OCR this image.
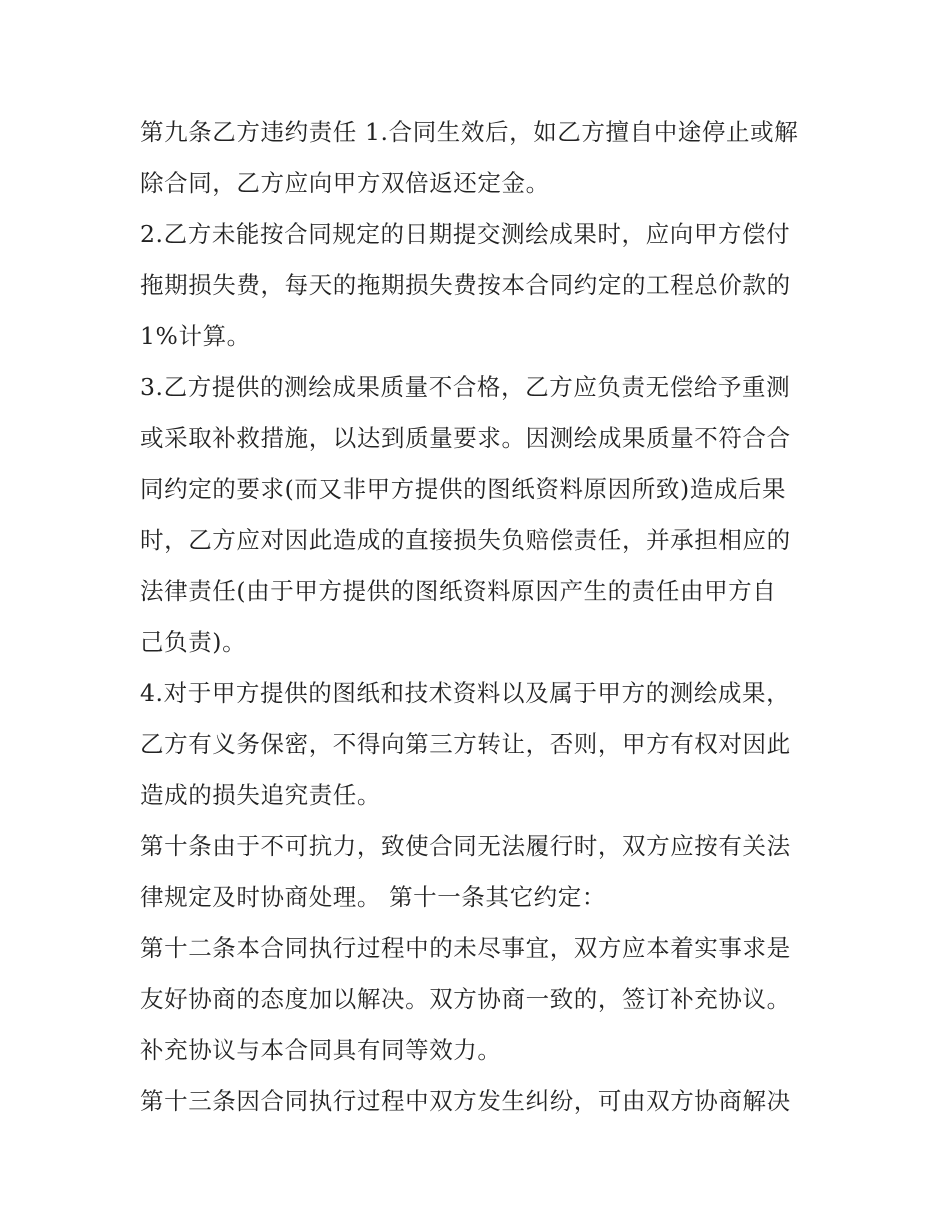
第九条乙方违约责任 1.合同生效后，如乙方擅自中途停止或解
除合同，乙方应向甲方双倍返还定金。
2.乙方未能按合同规定的日期提交测绘成果时，应向甲方偿付
拖期损失费，每天的拖期损失费按本合同约定的工程总价款的
1%计算。
3.乙方提供的测绘成果质量不合格，乙方应负责无偿给予重测
或采取补救措施，以达到质量要求。因测绘成果质量不符合合
同约定的要求(而又非甲方提供的图纸资料原因所致)造成后果
时，乙方应对因此造成的直接损失负赔偿责任，并承担相应的
法律责任(由于甲方提供的图纸资料原因产生的责任由甲方自
己负责)。
4.对于甲方提供的图纸和技术资料以及属于甲方的测绘成果，
乙方有义务保密，不得向第三方转让，否则，甲方有权对因此
造成的损失追究责任。
第十条由于不可抗力，致使合同无法履行时，双方应按有关法
律规定及时协商处理。 第十一条其它约定：
第十二条本合同执行过程中的未尽事宜，双方应本着实事求是
友好协商的态度加以解决。双方协商一致的，签订补充协议。
补充协议与本合同具有同等效力。
第十三条因合同执行过程中双方发生纠纷，可由双方协商解决
